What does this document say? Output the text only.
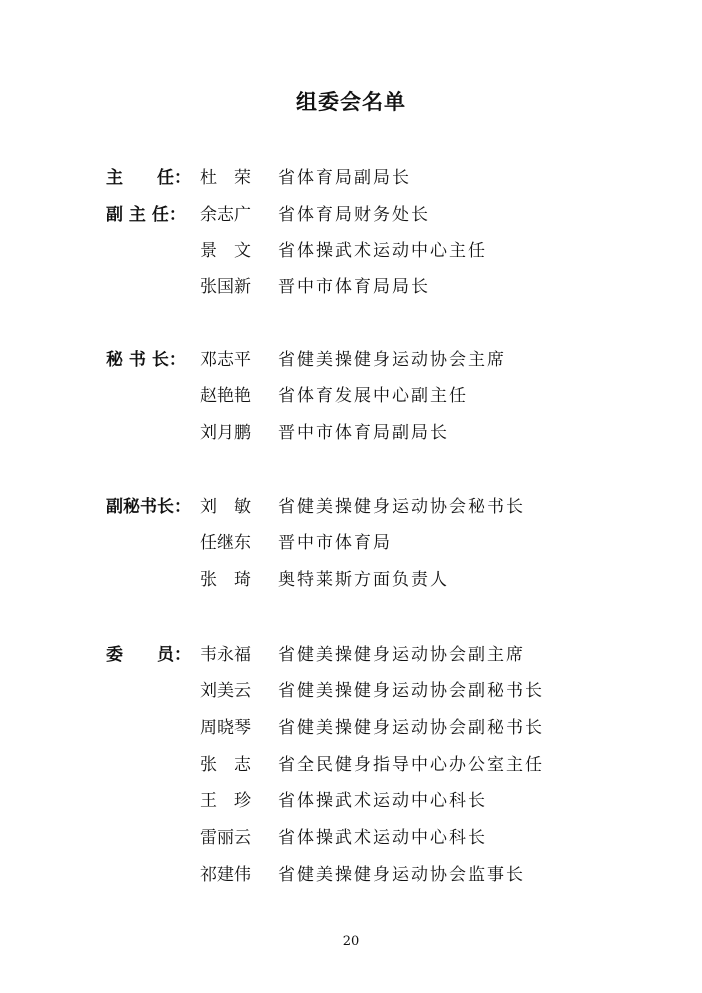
组委会名单
主　　任： 杜　荣	省体育局副局长
副 主 任： 余志广	省体育局财务处长
景　文	省体操武术运动中心主任
张国新	晋中市体育局局长
秘 书 长： 邓志平	省健美操健身运动协会主席
赵艳艳	省体育发展中心副主任
刘月鹏	晋中市体育局副局长
副秘书长： 刘　敏	省健美操健身运动协会秘书长
任继东	晋中市体育局
张　琦	奥特莱斯方面负责人
委　　员： 韦永福	省健美操健身运动协会副主席
刘美云	省健美操健身运动协会副秘书长
周晓琴	省健美操健身运动协会副秘书长
张　志	省全民健身指导中心办公室主任
王　珍	省体操武术运动中心科长
雷丽云	省体操武术运动中心科长
祁建伟	省健美操健身运动协会监事长
20
